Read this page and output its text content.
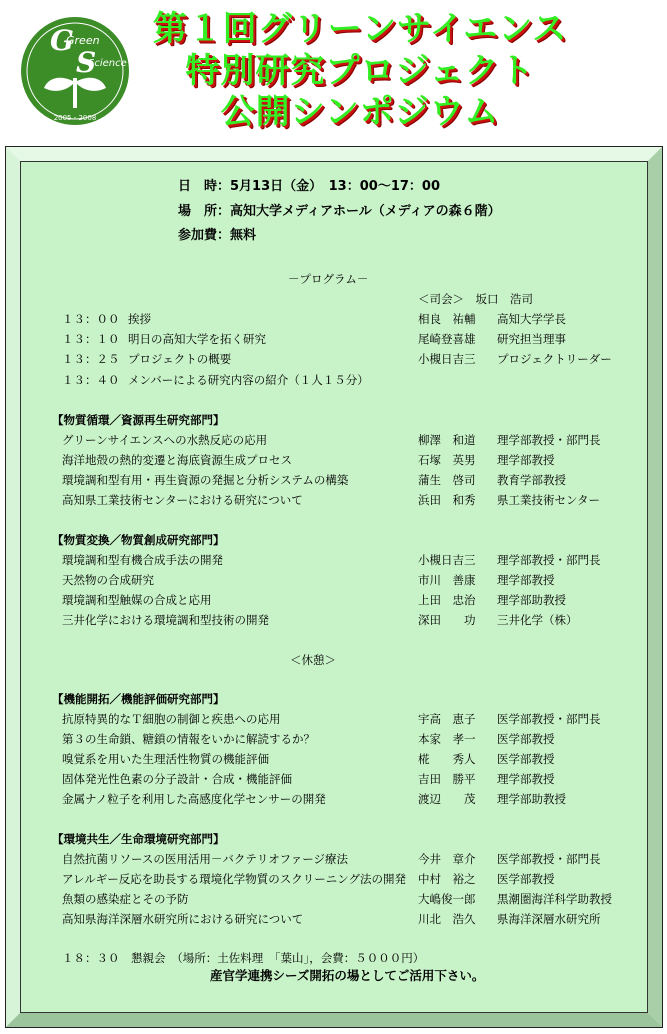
G
S
Green
Science
2005 - 2008
第１回グリーンサイエンス
特別研究プロジェクト
公開シンポジウム
日　時：5月13日（金）　13：00～17：00
場　所：高知大学メディアホール（メディアの森６階）
参加費：無料
－プログラム－
＜司会＞　坂口　浩司
＜休憩＞
１８：３０　懇親会　（場所：土佐料理　「葉山」，会費：５０００円）
産官学連携シーズ開拓の場としてご活用下さい。
１３：００ 挨拶	相良　祐輔 高知大学学長
１３：１０ 明日の高知大学を拓く研究	尾崎登喜雄 研究担当理事
１３：２５ プロジェクトの概要	小槻日吉三 プロジェクトリーダー
１３：４０ メンバーによる研究内容の紹介（１人１５分）
【物質循環／資源再生研究部門】
グリーンサイエンスへの水熱反応の応用	柳澤　和道 理学部教授・部門長
海洋地殻の熱的変遷と海底資源生成プロセス	石塚　英男 理学部教授
環境調和型有用・再生資源の発掘と分析システムの構築	蒲生　啓司 教育学部教授
高知県工業技術センターにおける研究について	浜田　和秀 県工業技術センター
【物質変換／物質創成研究部門】
環境調和型有機合成手法の開発	小槻日吉三 理学部教授・部門長
天然物の合成研究	市川　善康 理学部教授
環境調和型触媒の合成と応用	上田　忠治 理学部助教授
三井化学における環境調和型技術の開発	深田　　功 三井化学（株）
【機能開拓／機能評価研究部門】
抗原特異的なＴ細胞の制御と疾患への応用	宇高　恵子 医学部教授・部門長
第３の生命鎖、糖鎖の情報をいかに解読するか？	本家　孝一 医学部教授
嗅覚系を用いた生理活性物質の機能評価	椛　　秀人 医学部教授
固体発光性色素の分子設計・合成・機能評価	吉田　勝平 理学部教授
金属ナノ粒子を利用した高感度化学センサーの開発	渡辺　　茂 理学部助教授
【環境共生／生命環境研究部門】
自然抗菌リソースの医用活用－バクテリオファージ療法	今井　章介 医学部教授・部門長
アレルギー反応を助長する環境化学物質のスクリーニング法の開発 中村　裕之 医学部教授
魚類の感染症とその予防	大嶋俊一郎 黒潮圏海洋科学助教授
高知県海洋深層水研究所における研究について	川北　浩久 県海洋深層水研究所
